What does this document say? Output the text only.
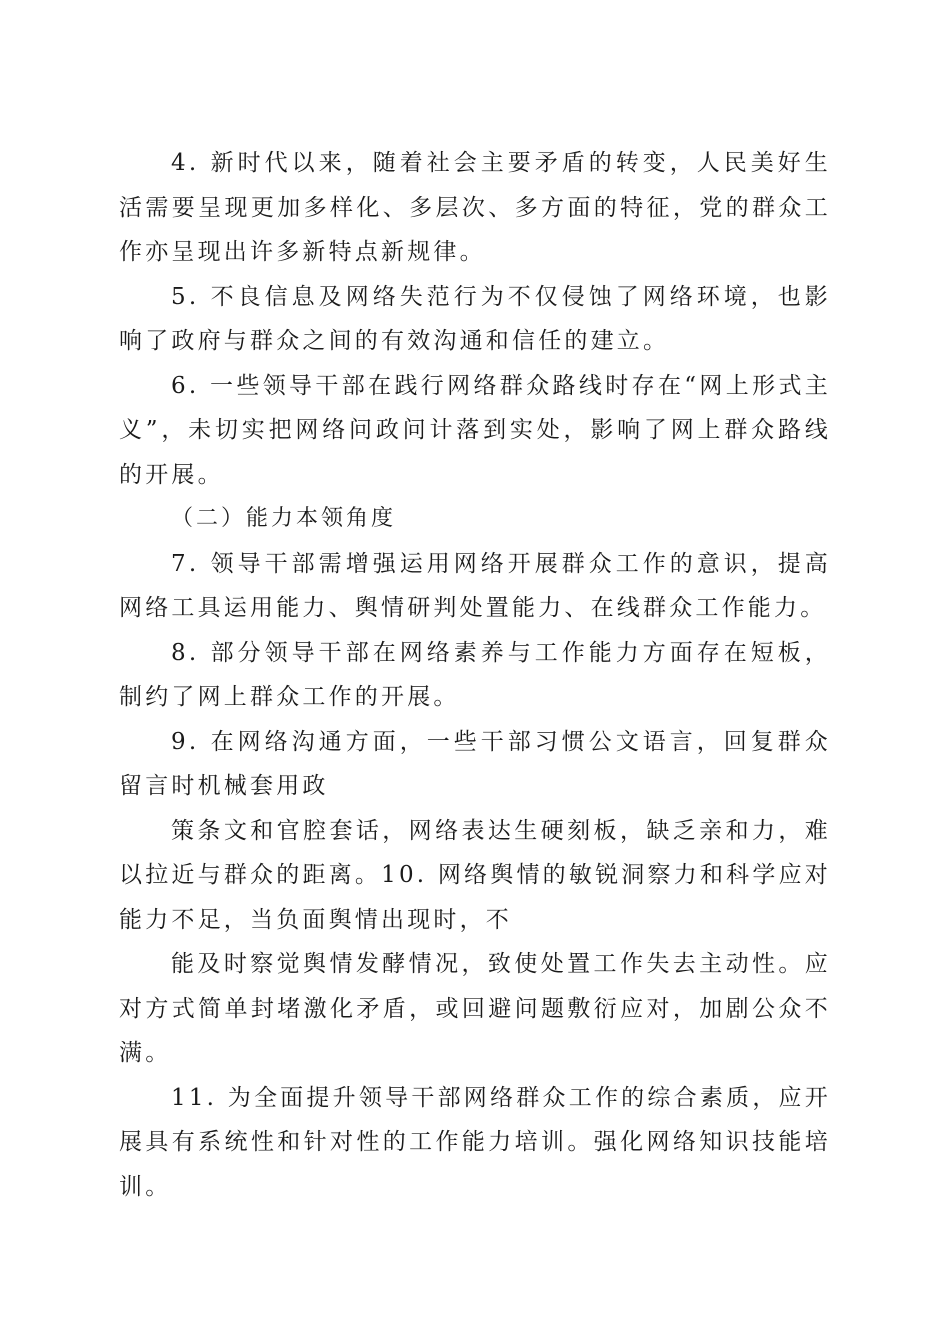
4. 新时代以来，随着社会主要矛盾的转变，人民美好生活需要呈现更加多样化、多层次、多方面的特征，党的群众工作亦呈现出许多新特点新规律。

5. 不良信息及网络失范行为不仅侵蚀了网络环境，也影响了政府与群众之间的有效沟通和信任的建立。

6. 一些领导干部在践行网络群众路线时存在“网上形式主义”，未切实把网络问政问计落到实处，影响了网上群众路线的开展。

（二）能力本领角度

7. 领导干部需增强运用网络开展群众工作的意识，提高网络工具运用能力、舆情研判处置能力、在线群众工作能力。

8. 部分领导干部在网络素养与工作能力方面存在短板，制约了网上群众工作的开展。

9. 在网络沟通方面，一些干部习惯公文语言，回复群众留言时机械套用政

策条文和官腔套话，网络表达生硬刻板，缺乏亲和力，难以拉近与群众的距离。10. 网络舆情的敏锐洞察力和科学应对能力不足，当负面舆情出现时，不

能及时察觉舆情发酵情况，致使处置工作失去主动性。应对方式简单封堵激化矛盾，或回避问题敷衍应对，加剧公众不满。

11. 为全面提升领导干部网络群众工作的综合素质，应开展具有系统性和针对性的工作能力培训。强化网络知识技能培训。
